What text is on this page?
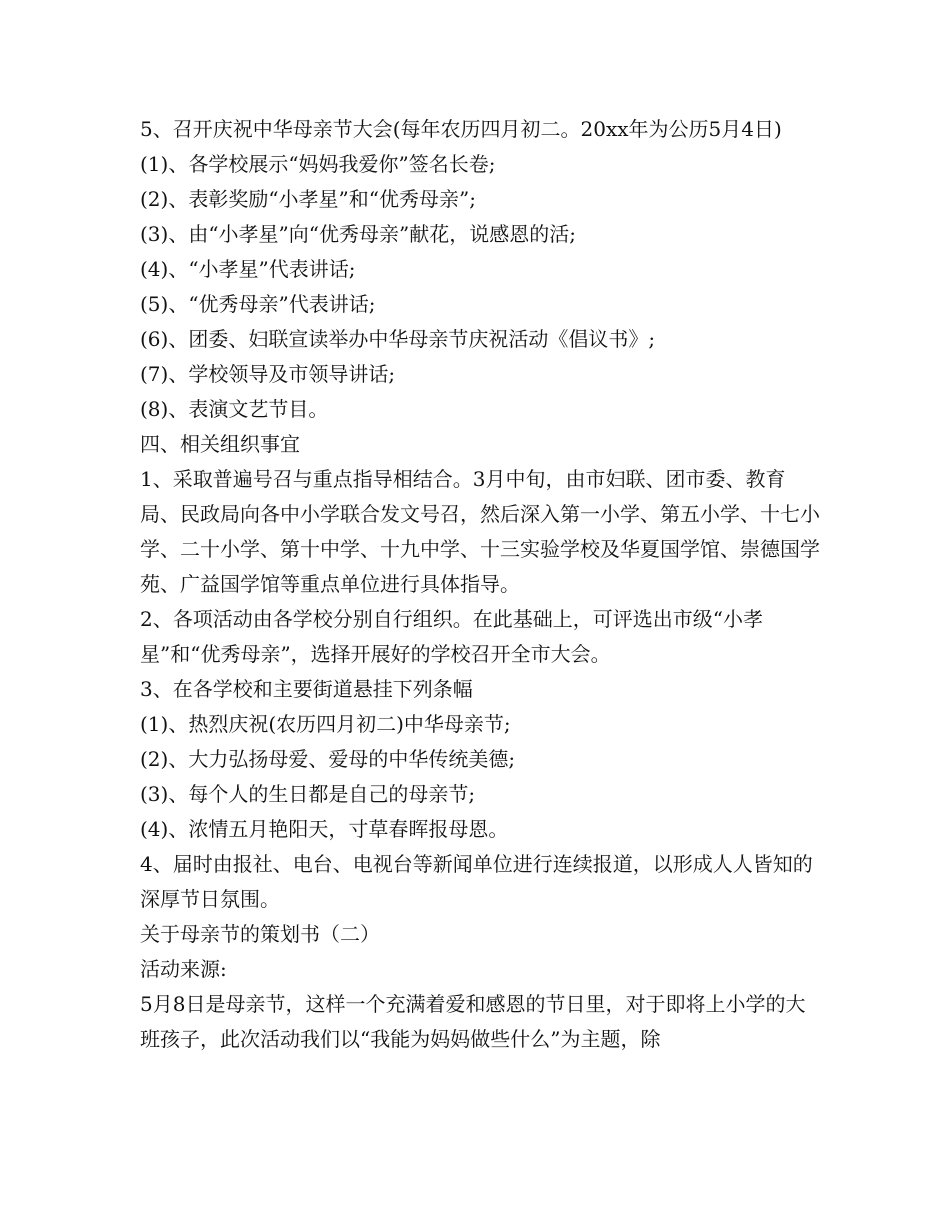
5、召开庆祝中华母亲节大会(每年农历四月初二。20xx年为公历5月4日)

(1)、各学校展示“妈妈我爱你”签名长卷;

(2)、表彰奖励“小孝星”和“优秀母亲”;

(3)、由“小孝星”向“优秀母亲”献花，说感恩的活;

(4)、“小孝星”代表讲话;

(5)、“优秀母亲”代表讲话;

(6)、团委、妇联宣读举办中华母亲节庆祝活动《倡议书》;

(7)、学校领导及市领导讲话;

(8)、表演文艺节目。

四、相关组织事宜

1、采取普遍号召与重点指导相结合。3月中旬，由市妇联、团市委、教育局、民政局向各中小学联合发文号召，然后深入第一小学、第五小学、十七小学、二十小学、第十中学、十九中学、十三实验学校及华夏国学馆、崇德国学苑、广益国学馆等重点单位进行具体指导。

2、各项活动由各学校分别自行组织。在此基础上，可评选出市级“小孝星”和“优秀母亲”，选择开展好的学校召开全市大会。

3、在各学校和主要街道悬挂下列条幅

(1)、热烈庆祝(农历四月初二)中华母亲节;

(2)、大力弘扬母爱、爱母的中华传统美德;

(3)、每个人的生日都是自己的母亲节;

(4)、浓情五月艳阳天，寸草春晖报母恩。

4、届时由报社、电台、电视台等新闻单位进行连续报道，以形成人人皆知的深厚节日氛围。

关于母亲节的策划书（二）

活动来源:

5月8日是母亲节，这样一个充满着爱和感恩的节日里，对于即将上小学的大班孩子，此次活动我们以“我能为妈妈做些什么”为主题，除
